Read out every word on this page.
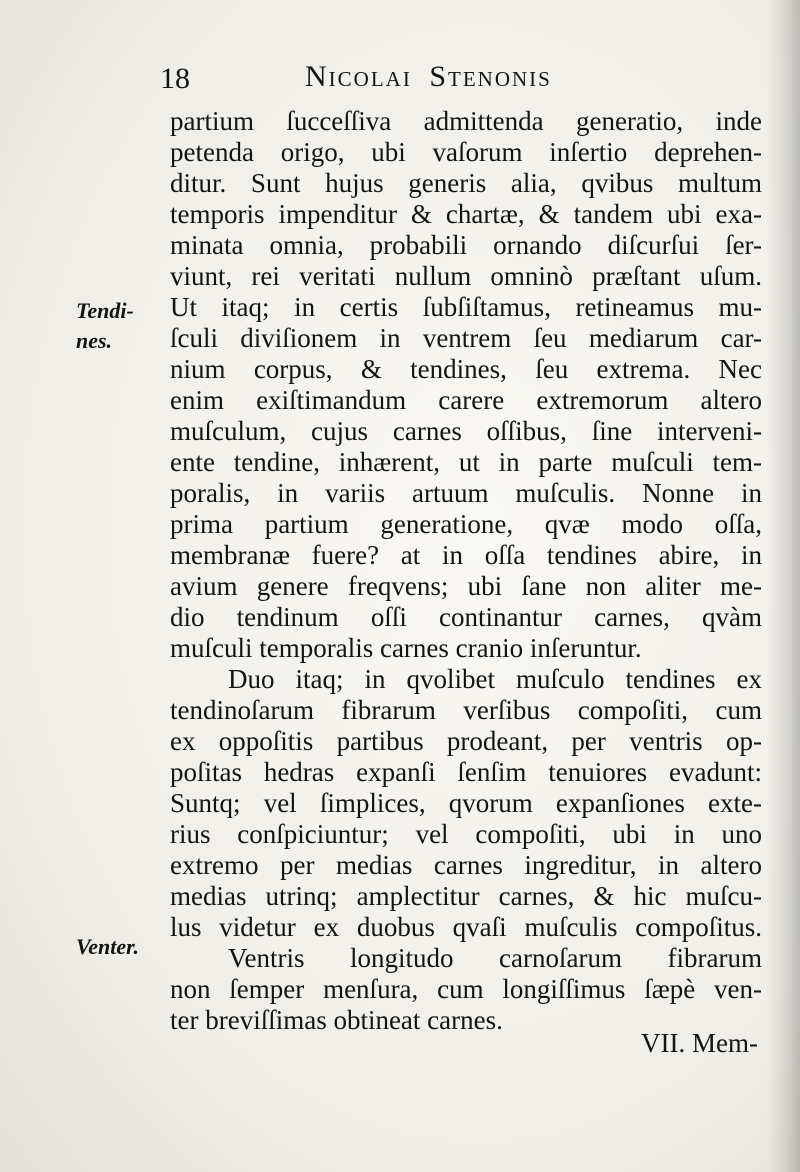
18	Nicolai Stenonis
Tendi-
nes.
Venter.
partium ſucceſſiva admittenda generatio, inde
petenda origo, ubi vaſorum inſertio deprehen-
ditur. Sunt hujus generis alia, qvibus multum
temporis impenditur & chartæ, & tandem ubi exa-
minata omnia, probabili ornando diſcurſui ſer-
viunt, rei veritati nullum omninò præſtant uſum.
Ut itaq; in certis ſubſiſtamus, retineamus mu-
ſculi diviſionem in ventrem ſeu mediarum car-
nium corpus, & tendines, ſeu extrema. Nec
enim exiſtimandum carere extremorum altero
muſculum, cujus carnes oſſibus, ſine interveni-
ente tendine, inhærent, ut in parte muſculi tem-
poralis, in variis artuum muſculis. Nonne in
prima partium generatione, qvæ modo oſſa,
membranæ fuere? at in oſſa tendines abire, in
avium genere freqvens; ubi ſane non aliter me-
dio tendinum oſſi continantur carnes, qvàm
muſculi temporalis carnes cranio inſeruntur.
Duo itaq; in qvolibet muſculo tendines ex
tendinoſarum fibrarum verſibus compoſiti, cum
ex oppoſitis partibus prodeant, per ventris op-
poſitas hedras expanſi ſenſim tenuiores evadunt:
Suntq; vel ſimplices, qvorum expanſiones exte-
rius conſpiciuntur; vel compoſiti, ubi in uno
extremo per medias carnes ingreditur, in altero
medias utrinq; amplectitur carnes, & hic muſcu-
lus videtur ex duobus qvaſi muſculis compoſitus.
Ventris longitudo carnoſarum fibrarum
non ſemper menſura, cum longiſſimus ſæpè ven-
ter breviſſimas obtineat carnes.
VII. Mem-
